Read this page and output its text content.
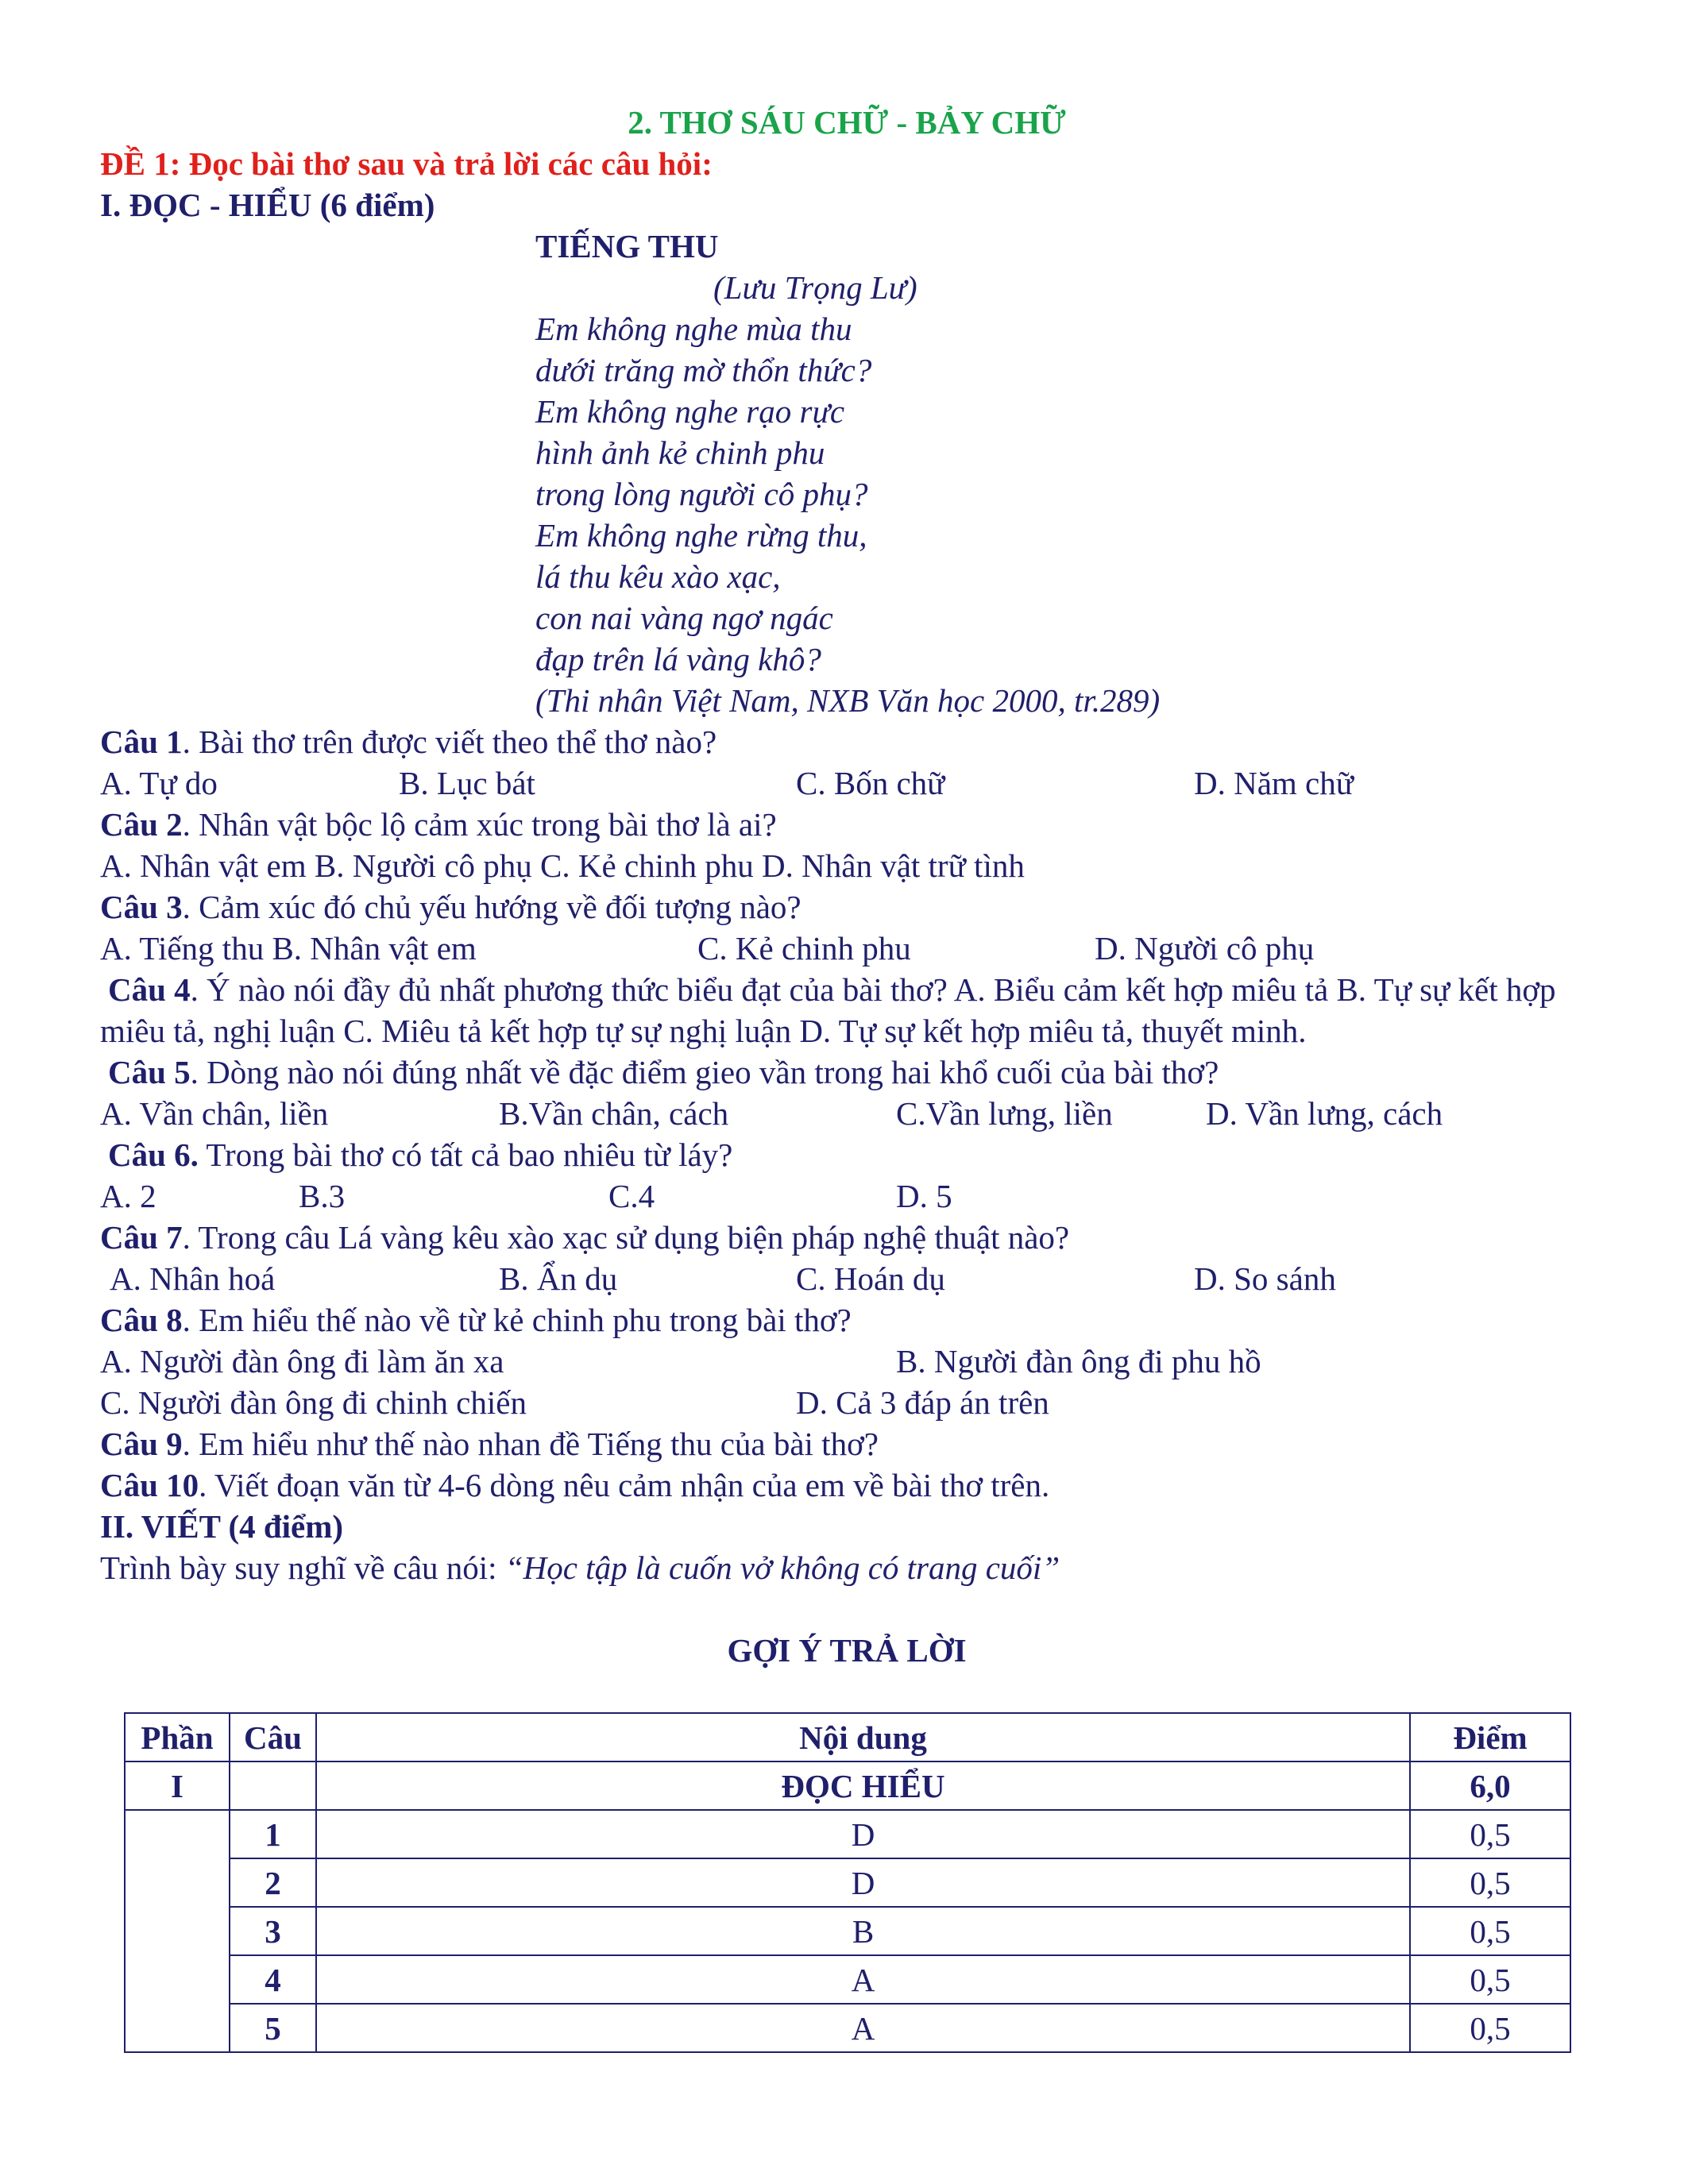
2. THƠ SÁU CHỮ - BẢY CHỮ
ĐỀ 1: Đọc bài thơ sau và trả lời các câu hỏi:
I. ĐỌC - HIỂU (6 điểm)
TIẾNG THU
(Lưu Trọng Lư)
Em không nghe mùa thu
dưới trăng mờ thổn thức?
Em không nghe rạo rực
hình ảnh kẻ chinh phu
trong lòng người cô phụ?
Em không nghe rừng thu,
lá thu kêu xào xạc,
con nai vàng ngơ ngác
đạp trên lá vàng khô?
(Thi nhân Việt Nam, NXB Văn học 2000, tr.289)
Câu 1. Bài thơ trên được viết theo thể thơ nào?
A. Tự do	B. Lục bát	C. Bốn chữ	D. Năm chữ
Câu 2. Nhân vật bộc lộ cảm xúc trong bài thơ là ai?
A. Nhân vật em B. Người cô phụ C. Kẻ chinh phu D. Nhân vật trữ tình
Câu 3. Cảm xúc đó chủ yếu hướng về đối tượng nào?
A. Tiếng thu B. Nhân vật em	C. Kẻ chinh phu	D. Người cô phụ
Câu 4. Ý nào nói đầy đủ nhất phương thức biểu đạt của bài thơ? A. Biểu cảm kết hợp miêu tả B. Tự sự kết hợp miêu tả, nghị luận C. Miêu tả kết hợp tự sự nghị luận D. Tự sự kết hợp miêu tả, thuyết minh.
Câu 5. Dòng nào nói đúng nhất về đặc điểm gieo vần trong hai khổ cuối của bài thơ?
A. Vần chân, liền	B.Vần chân, cách	C.Vần lưng, liền	D. Vần lưng, cách
Câu 6. Trong bài thơ có tất cả bao nhiêu từ láy?
A. 2	B.3	C.4	D. 5
Câu 7. Trong câu Lá vàng kêu xào xạc sử dụng biện pháp nghệ thuật nào?
A. Nhân hoá	B. Ẩn dụ	C. Hoán dụ	D. So sánh
Câu 8. Em hiểu thế nào về từ kẻ chinh phu trong bài thơ?
A. Người đàn ông đi làm ăn xa	B. Người đàn ông đi phu hồ
C. Người đàn ông đi chinh chiến	D. Cả 3 đáp án trên
Câu 9. Em hiểu như thế nào nhan đề Tiếng thu của bài thơ?
Câu 10. Viết đoạn văn từ 4-6 dòng nêu cảm nhận của em về bài thơ trên.
II. VIẾT (4 điểm)
Trình bày suy nghĩ về câu nói: “Học tập là cuốn vở không có trang cuối”
GỢI Ý TRẢ LỜI
Phần	Câu	Nội dung	Điểm
I		ĐỌC HIỂU	6,0
	1	D	0,5
	2	D	0,5
	3	B	0,5
	4	A	0,5
	5	A	0,5
